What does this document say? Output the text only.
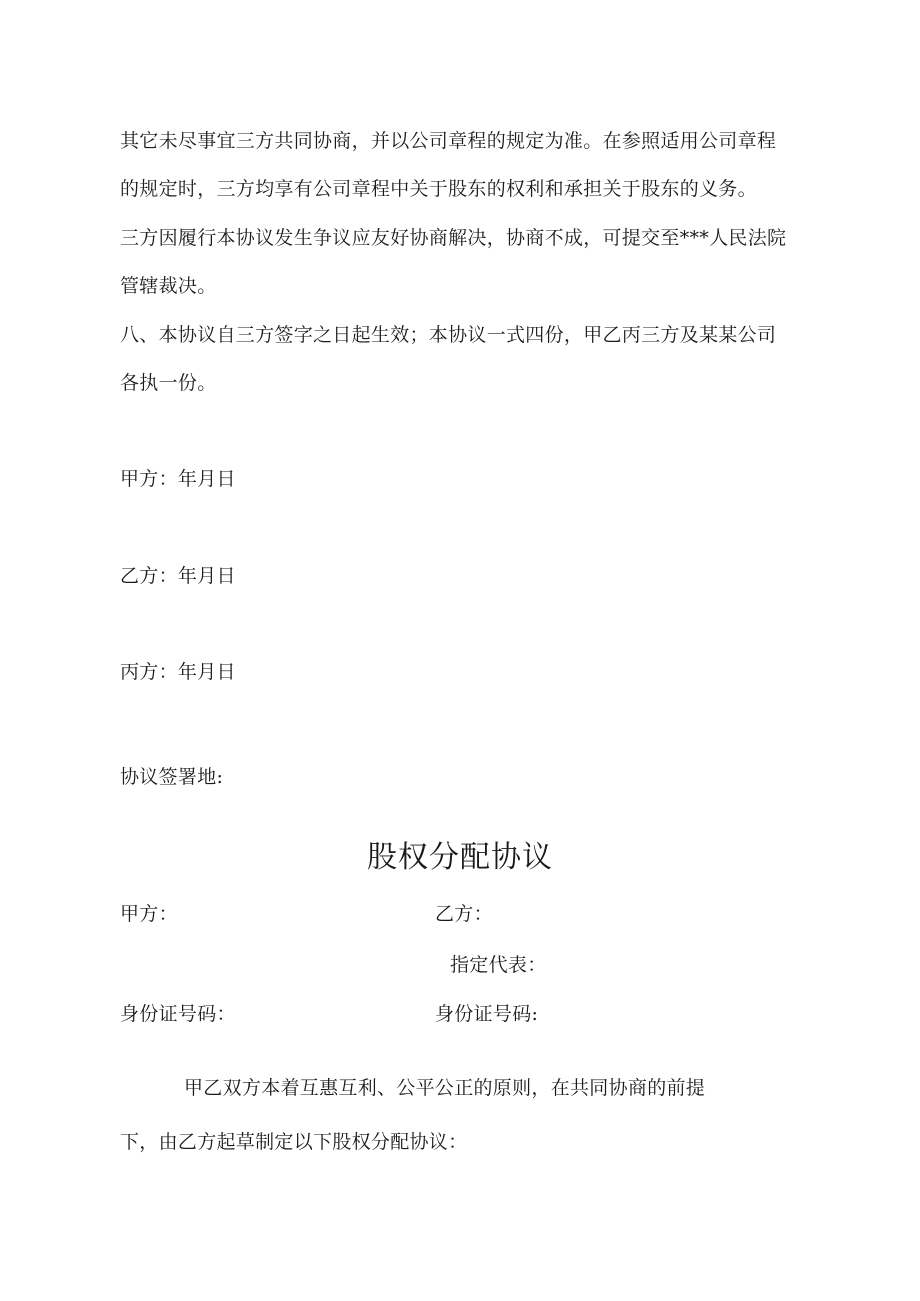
其它未尽事宜三方共同协商，并以公司章程的规定为准。在参照适用公司章程
的规定时，三方均享有公司章程中关于股东的权利和承担关于股东的义务。
三方因履行本协议发生争议应友好协商解决，协商不成，可提交至***人民法院
管辖裁决。
八、本协议自三方签字之日起生效；本协议一式四份，甲乙丙三方及某某公司
各执一份。
甲方：年月日
乙方：年月日
丙方：年月日
协议签署地:
股权分配协议
甲方：	乙方：
指定代表：
身份证号码：	身份证号码:
甲乙双方本着互惠互利、公平公正的原则，在共同协商的前提
下，由乙方起草制定以下股权分配协议：
